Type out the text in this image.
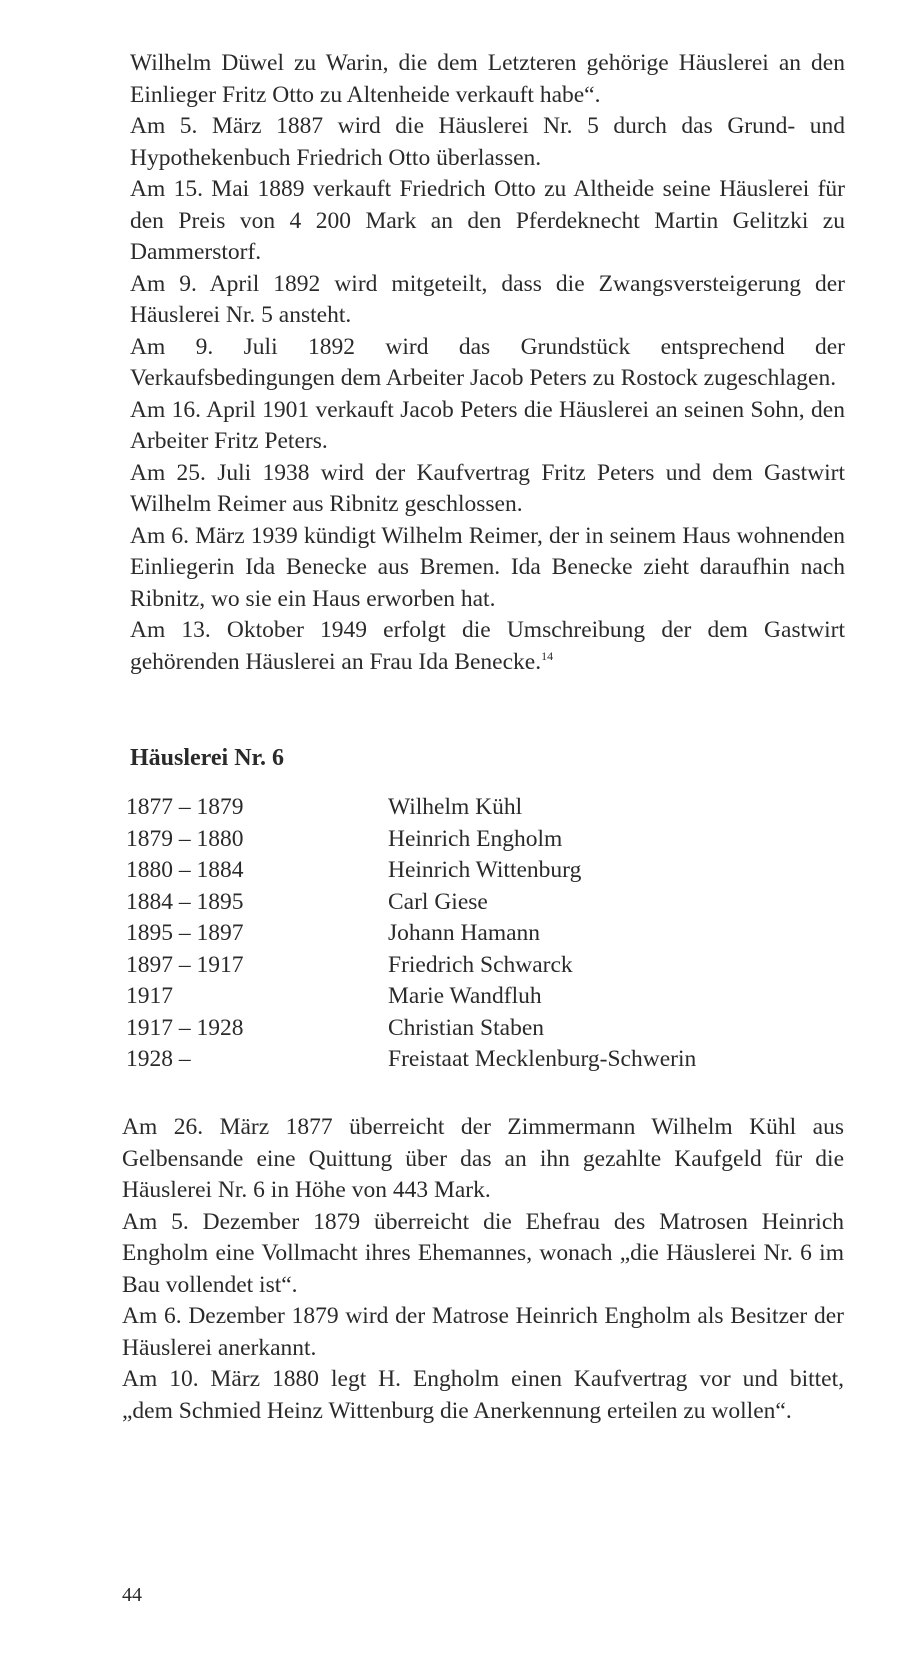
Wilhelm Düwel zu Warin, die dem Letzteren gehörige Häuslerei an den Einlieger Fritz Otto zu Altenheide verkauft habe“.

Am 5. März 1887 wird die Häuslerei Nr. 5 durch das Grund- und Hypothekenbuch Friedrich Otto überlassen.

Am 15. Mai 1889 verkauft Friedrich Otto zu Altheide seine Häuslerei für den Preis von 4 200 Mark an den Pferdeknecht Martin Gelitzki zu Dammerstorf.

Am 9. April 1892 wird mitgeteilt, dass die Zwangsversteigerung der Häuslerei Nr. 5 ansteht.

Am 9. Juli 1892 wird das Grundstück entsprechend der Verkaufsbedingungen dem Arbeiter Jacob Peters zu Rostock zugeschlagen.

Am 16. April 1901 verkauft Jacob Peters die Häuslerei an seinen Sohn, den Arbeiter Fritz Peters.

Am 25. Juli 1938 wird der Kaufvertrag Fritz Peters und dem Gastwirt Wilhelm Reimer aus Ribnitz geschlossen.

Am 6. März 1939 kündigt Wilhelm Reimer, der in seinem Haus wohnenden Einliegerin Ida Benecke aus Bremen. Ida Benecke zieht daraufhin nach Ribnitz, wo sie ein Haus erworben hat.

Am 13. Oktober 1949 erfolgt die Umschreibung der dem Gastwirt gehörenden Häuslerei an Frau Ida Benecke.$^{14}$

Häuslerei Nr. 6
1877 – 1879	Wilhelm Kühl
1879 – 1880	Heinrich Engholm
1880 – 1884	Heinrich Wittenburg
1884 – 1895	Carl Giese
1895 – 1897	Johann Hamann
1897 – 1917	Friedrich Schwarck
1917	Marie Wandfluh
1917 – 1928	Christian Staben
1928 –	Freistaat Mecklenburg-Schwerin

Am 26. März 1877 überreicht der Zimmermann Wilhelm Kühl aus Gelbensande eine Quittung über das an ihn gezahlte Kaufgeld für die Häuslerei Nr. 6 in Höhe von 443 Mark.

Am 5. Dezember 1879 überreicht die Ehefrau des Matrosen Heinrich Engholm eine Vollmacht ihres Ehemannes, wonach „die Häuslerei Nr. 6 im Bau vollendet ist“.

Am 6. Dezember 1879 wird der Matrose Heinrich Engholm als Besitzer der Häuslerei anerkannt.

Am 10. März 1880 legt H. Engholm einen Kaufvertrag vor und bittet,

„dem Schmied Heinz Wittenburg die Anerkennung erteilen zu wollen“.

44
